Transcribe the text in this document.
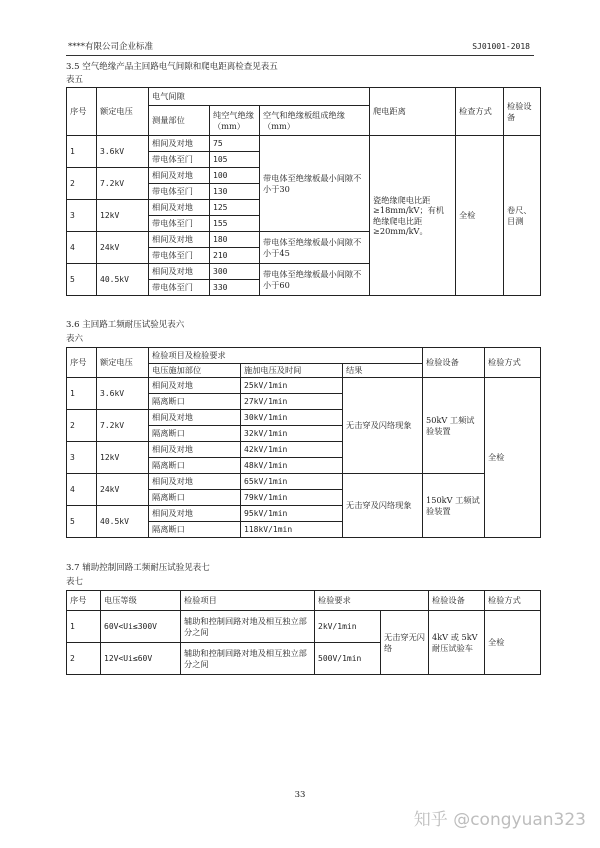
****有限公司企业标准	SJ01001-2018
3.5 空气绝缘产品主回路电气间隙和爬电距离检查见表五
表五
序号	额定电压	电气间隙			爬电距离	检查方式	检验设备
		测量部位	纯空气绝缘（mm）	空气和绝缘板组成绝缘（mm）			
1	3.6kV	相间及对地	75	带电体至绝缘板最小间隙不小于30	瓷绝缘爬电比距≥18mm/kV；有机绝缘爬电比距≥20mm/kV。	全检	卷尺、目测
		带电体至门	105				
2	7.2kV	相间及对地	100				
		带电体至门	130				
3	12kV	相间及对地	125				
		带电体至门	155				
4	24kV	相间及对地	180	带电体至绝缘板最小间隙不小于45			
		带电体至门	210				
5	40.5kV	相间及对地	300	带电体至绝缘板最小间隙不小于60			
		带电体至门	330				
3.6 主回路工频耐压试验见表六
表六
序号	额定电压	检验项目及检验要求			检验设备	检验方式
		电压施加部位	施加电压及时间	结果		
1	3.6kV	相间及对地	25kV/1min	无击穿及闪络现象	50kV 工频试验装置	全检
		隔离断口	27kV/1min			
2	7.2kV	相间及对地	30kV/1min			
		隔离断口	32kV/1min			
3	12kV	相间及对地	42kV/1min			
		隔离断口	48kV/1min			
4	24kV	相间及对地	65kV/1min	无击穿及闪络现象	150kV 工频试验装置	
		隔离断口	79kV/1min			
5	40.5kV	相间及对地	95kV/1min			
		隔离断口	118kV/1min			
3.7 辅助控制回路工频耐压试验见表七
表七
序号	电压等级	检验项目	检验要求		检验设备	检验方式
1	60V<Ui≤300V	辅助和控制回路对地及相互独立部分之间	2kV/1min	无击穿无闪络	4kV 或 5kV耐压试验车	全检
2	12V<Ui≤60V	辅助和控制回路对地及相互独立部分之间	500V/1min			
33
知乎 @congyuan323
